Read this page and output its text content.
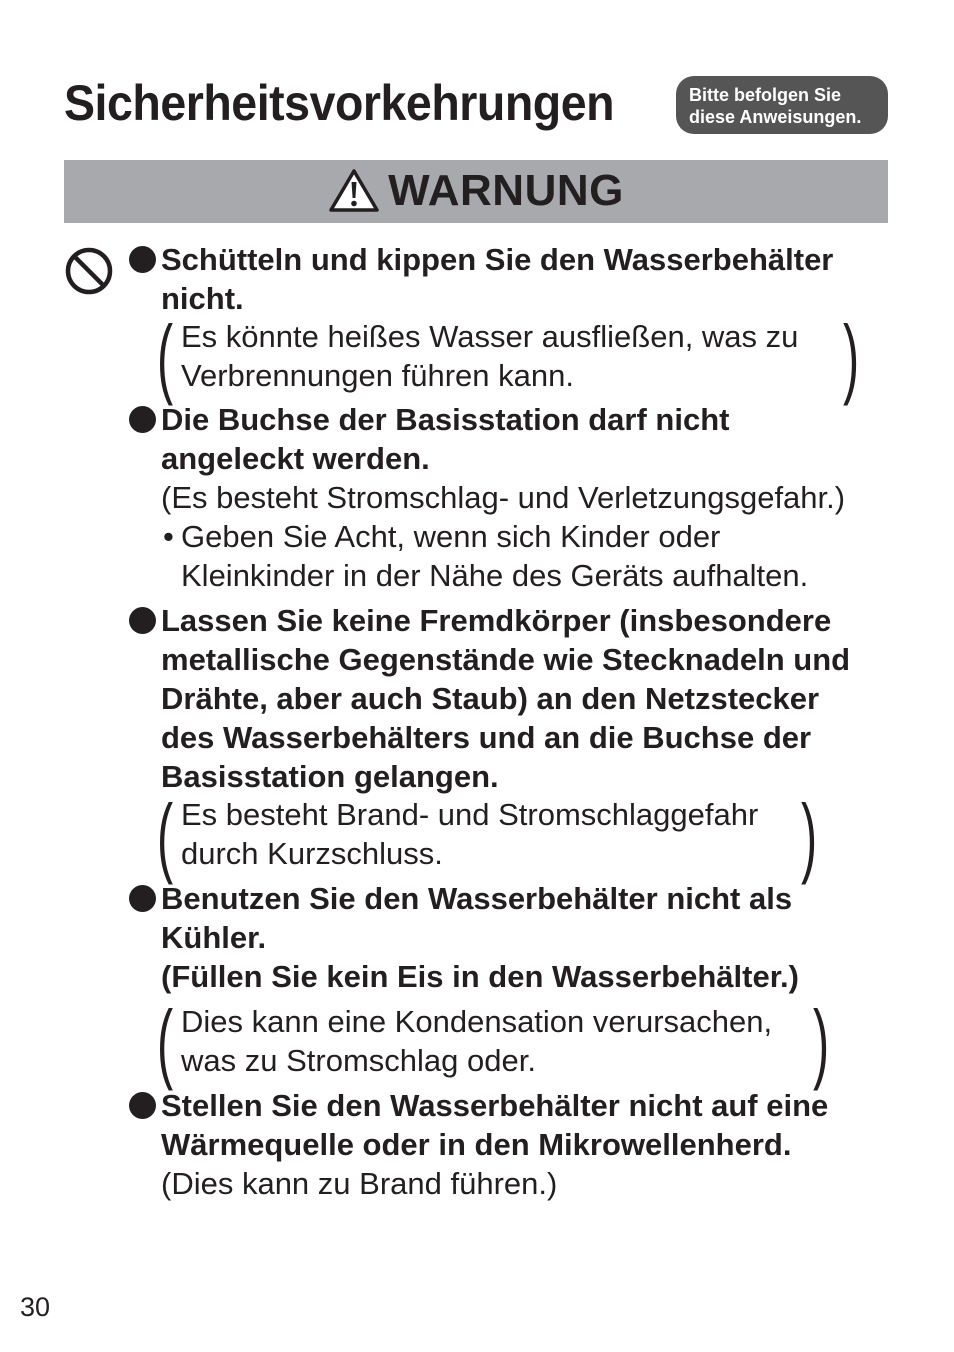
Sicherheitsvorkehrungen	Bitte befolgen Sie
diese Anweisungen.
WARNUNG
Schütteln und kippen Sie den Wasserbehälter
nicht.
( Es könnte heißes Wasser ausfließen, was zu
Verbrennungen führen kann.	)
Die Buchse der Basisstation darf nicht
angeleckt werden.
(Es besteht Stromschlag- und Verletzungsgefahr.)
• Geben Sie Acht, wenn sich Kinder oder
Kleinkinder in der Nähe des Geräts aufhalten.
Lassen Sie keine Fremdkörper (insbesondere
metallische Gegenstände wie Stecknadeln und
Drähte, aber auch Staub) an den Netzstecker
des Wasserbehälters und an die Buchse der
Basisstation gelangen.
( Es besteht Brand- und Stromschlaggefahr
durch Kurzschluss.	)
Benutzen Sie den Wasserbehälter nicht als
Kühler.
(Füllen Sie kein Eis in den Wasserbehälter.)
( Dies kann eine Kondensation verursachen,
was zu Stromschlag oder.	)
Stellen Sie den Wasserbehälter nicht auf eine
Wärmequelle oder in den Mikrowellenherd.
(Dies kann zu Brand führen.)
30
